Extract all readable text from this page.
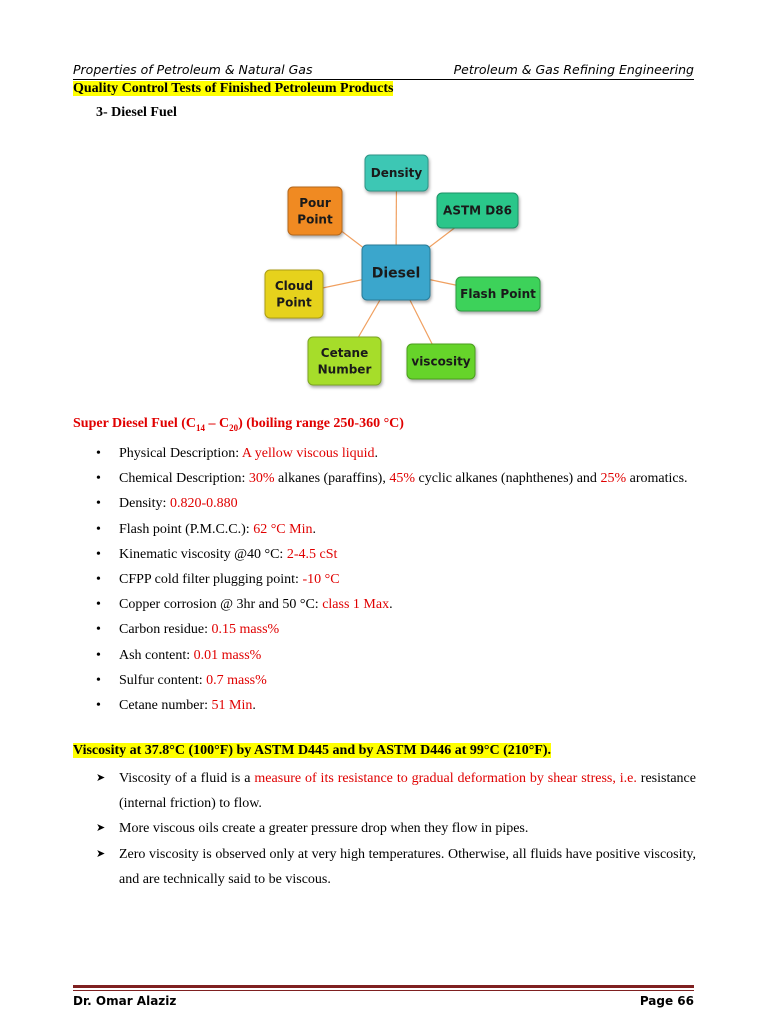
Properties of Petroleum & Natural Gas	Petroleum & Gas Refining Engineering
Quality Control Tests of Finished Petroleum Products
3- Diesel Fuel
Density
ASTM D86
Flash Point
viscosity
Cetane
Number
Cloud
Point
Pour
Point
Diesel
Super Diesel Fuel $(C_{14} - C_{20})$ (boiling range 250-360 °C)
• Physical Description: A yellow viscous liquid.
• Chemical Description: 30% alkanes (paraffins), 45% cyclic alkanes (naphthenes) and 25% aromatics.
• Density: 0.820-0.880
• Flash point (P.M.C.C.): 62 °C Min.
• Kinematic viscosity @40 °C: 2-4.5 cSt
• CFPP cold filter plugging point: -10 °C
• Copper corrosion @ 3hr and 50 °C: class 1 Max.
• Carbon residue: 0.15 mass%
• Ash content: 0.01 mass%
• Sulfur content: 0.7 mass%
• Cetane number: 51 Min.
Viscosity at 37.8°C (100°F) by ASTM D445 and by ASTM D446 at 99°C (210°F).
➤ Viscosity of a fluid is a measure of its resistance to gradual deformation by shear stress, i.e. resistance (internal friction) to flow.
➤ More viscous oils create a greater pressure drop when they flow in pipes.
➤ Zero viscosity is observed only at very high temperatures. Otherwise, all fluids have positive viscosity, and are technically said to be viscous.
Dr. Omar Alaziz	Page 66
